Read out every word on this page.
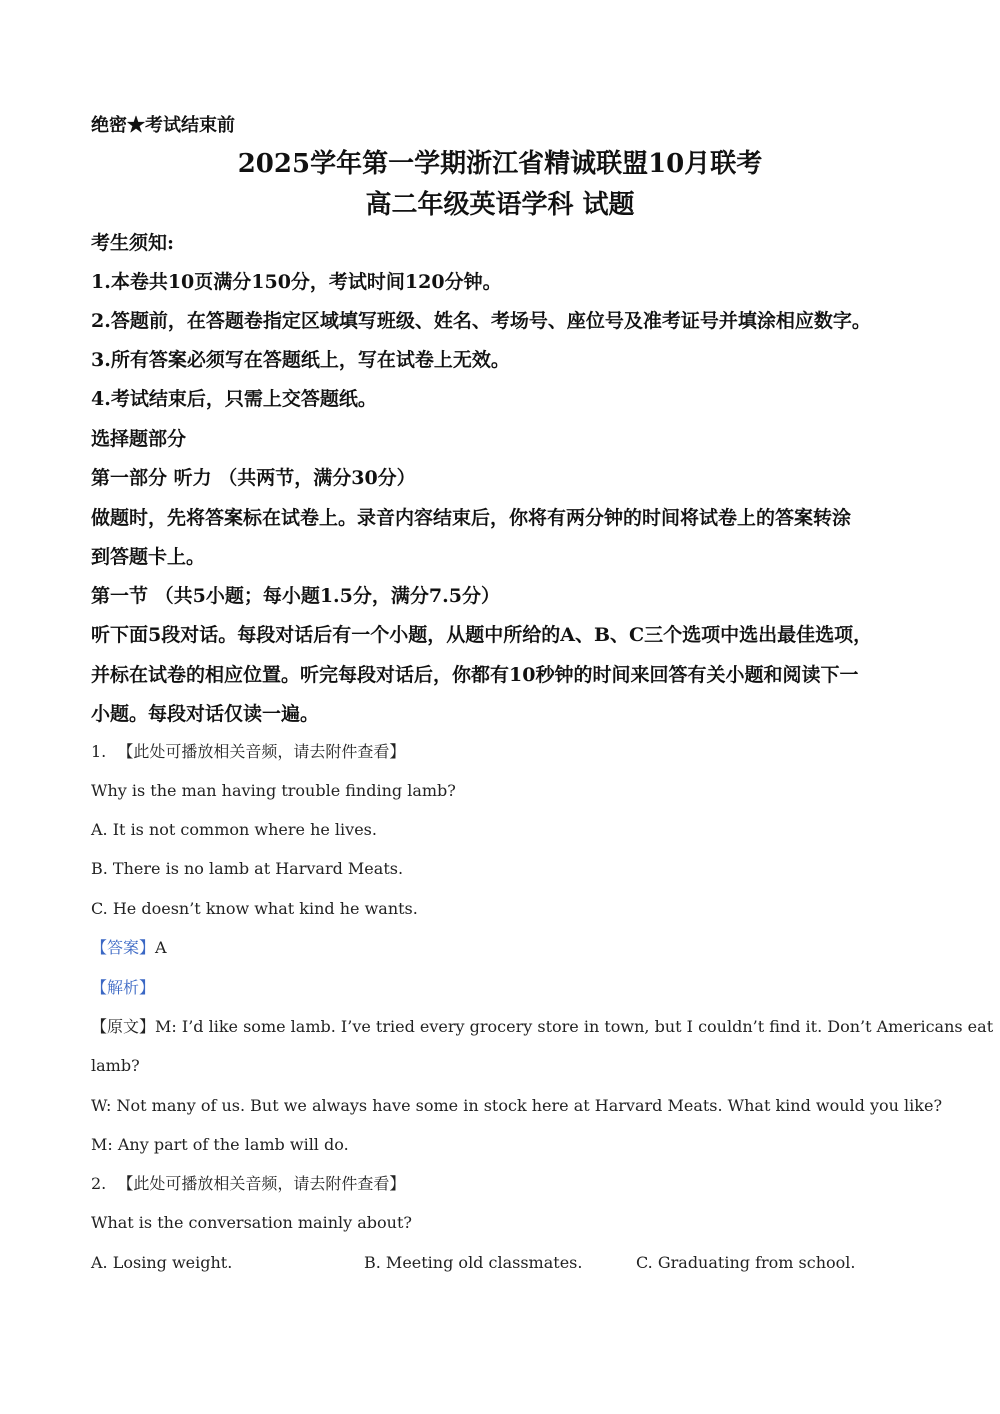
绝密★考试结束前
2025学年第一学期浙江省精诚联盟10月联考
高二年级英语学科 试题
考生须知:
1.本卷共10页满分150分，考试时间120分钟。
2.答题前，在答题卷指定区域填写班级、姓名、考场号、座位号及准考证号并填涂相应数字。
3.所有答案必须写在答题纸上，写在试卷上无效。
4.考试结束后，只需上交答题纸。
选择题部分
第一部分 听力 （共两节，满分30分）
做题时，先将答案标在试卷上。录音内容结束后，你将有两分钟的时间将试卷上的答案转涂
到答题卡上。
第一节 （共5小题；每小题1.5分，满分7.5分）
听下面5段对话。每段对话后有一个小题，从题中所给的A、B、C三个选项中选出最佳选项，
并标在试卷的相应位置。听完每段对话后，你都有10秒钟的时间来回答有关小题和阅读下一
小题。每段对话仅读一遍。
1. 【此处可播放相关音频，请去附件查看】
Why is the man having trouble finding lamb?
A. It is not common where he lives.
B. There is no lamb at Harvard Meats.
C. He doesn’t know what kind he wants.
【答案】A
【解析】
【原文】M: I’d like some lamb. I’ve tried every grocery store in town, but I couldn’t find it. Don’t Americans eat
lamb?
W: Not many of us. But we always have some in stock here at Harvard Meats. What kind would you like?
M: Any part of the lamb will do.
2. 【此处可播放相关音频，请去附件查看】
What is the conversation mainly about?
A. Losing weight.	B. Meeting old classmates.	C. Graduating from school.
